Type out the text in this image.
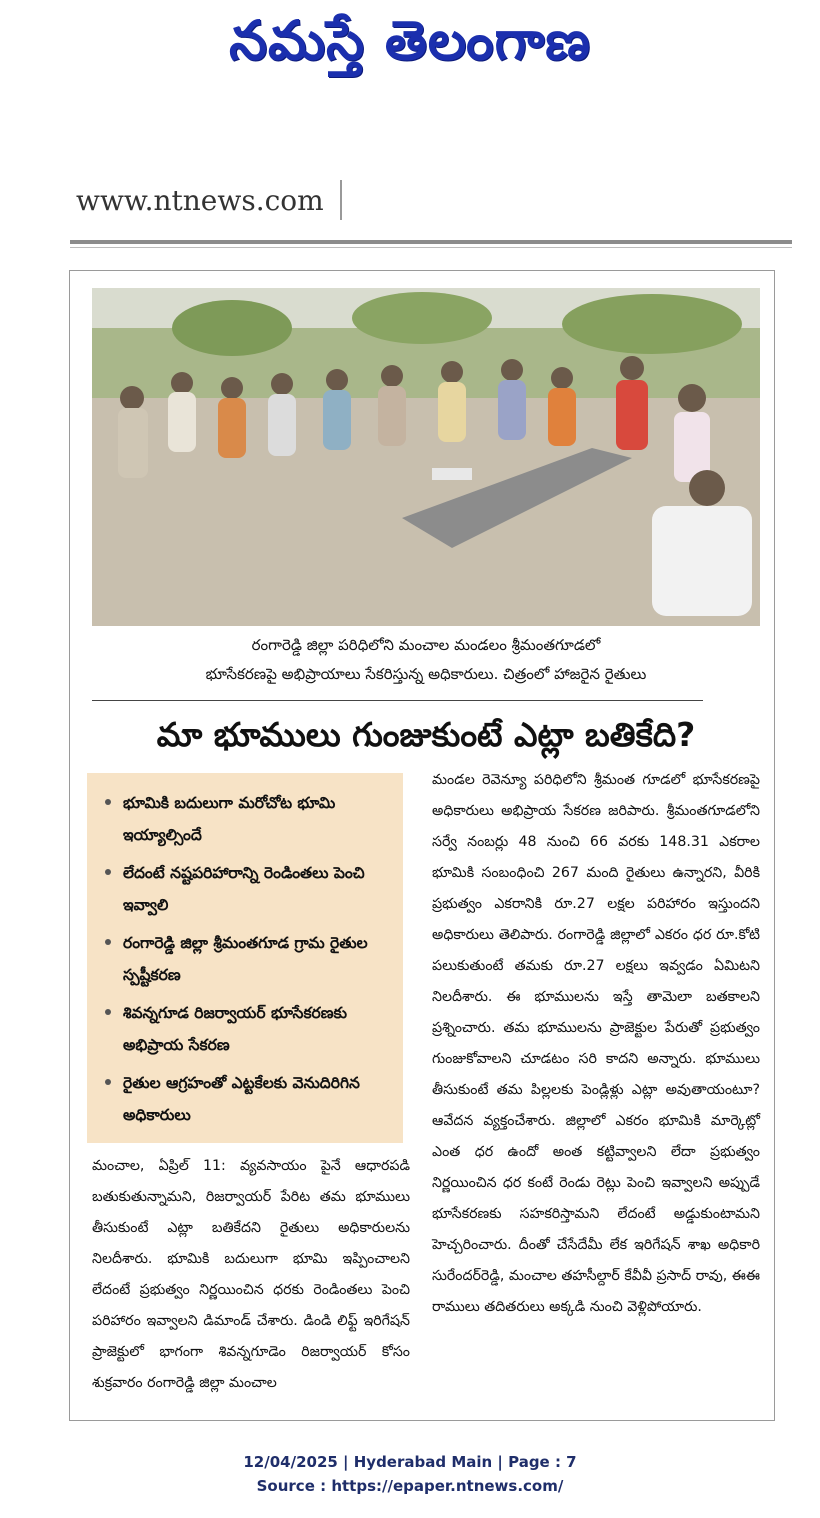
నమస్తే తెలంగాణ
www.ntnews.com
రంగారెడ్డి జిల్లా పరిధిలోని మంచాల మండలం శ్రీమంతగూడలో
భూసేకరణపై అభిప్రాయాలు సేకరిస్తున్న అధికారులు. చిత్రంలో హాజరైన రైతులు
మా భూములు గుంజుకుంటే ఎట్లా బతికేది?
భూమికి బదులుగా మరోచోట భూమి ఇయ్యాల్సిందే
లేదంటే నష్టపరిహారాన్ని రెండింతలు పెంచి ఇవ్వాలి
రంగారెడ్డి జిల్లా శ్రీమంతగూడ గ్రామ రైతుల స్పష్టీకరణ
శివన్నగూడ రిజర్వాయర్ భూసేకరణకు అభిప్రాయ సేకరణ
రైతుల ఆగ్రహంతో ఎట్టకేలకు వెనుదిరిగిన అధికారులు
మంచాల, ఏప్రిల్ 11: వ్యవసాయం పైనే ఆధారపడి బతుకుతున్నామని, రిజర్వాయర్ పేరిట తమ భూములు తీసుకుంటే ఎట్లా బతికేదని రైతులు అధికారులను నిలదీశారు. భూమికి బదులుగా భూమి ఇప్పించాలని లేదంటే ప్రభుత్వం నిర్ణయించిన ధరకు రెండింతలు పెంచి పరిహారం ఇవ్వాలని డిమాండ్ చేశారు. డిండి లిఫ్ట్ ఇరిగేషన్ ప్రాజెక్టులో భాగంగా శివన్నగూడెం రిజర్వాయర్ కోసం శుక్రవారం రంగారెడ్డి జిల్లా మంచాల
మండల రెవెన్యూ పరిధిలోని శ్రీమంత గూడలో భూసేకరణపై అధికారులు అభిప్రాయ సేకరణ జరిపారు. శ్రీమంతగూడలోని సర్వే నంబర్లు 48 నుంచి 66 వరకు 148.31 ఎకరాల భూమికి సంబంధించి 267 మంది రైతులు ఉన్నారని, వీరికి ప్రభుత్వం ఎకరానికి రూ.27 లక్షల పరిహారం ఇస్తుందని అధికారులు తెలిపారు. రంగారెడ్డి జిల్లాలో ఎకరం ధర రూ.కోటి పలుకుతుంటే తమకు రూ.27 లక్షలు ఇవ్వడం ఏమిటని నిలదీశారు. ఈ భూములను ఇస్తే తామెలా బతకాలని ప్రశ్నించారు. తమ భూములను ప్రాజెక్టుల పేరుతో ప్రభుత్వం గుంజుకోవాలని చూడటం సరి కాదని అన్నారు. భూములు తీసుకుంటే తమ పిల్లలకు పెండ్లిళ్లు ఎట్లా అవుతాయంటూ? ఆవేదన వ్యక్తంచేశారు. జిల్లాలో ఎకరం భూమికి మార్కెట్లో ఎంత ధర ఉందో అంత కట్టివ్వాలని లేదా ప్రభుత్వం నిర్ణయించిన ధర కంటే రెండు రెట్లు పెంచి ఇవ్వాలని అప్పుడే భూసేకరణకు సహకరిస్తామని లేదంటే అడ్డుకుంటామని హెచ్చరించారు. దీంతో చేసేదేమీ లేక ఇరిగేషన్ శాఖ అధికారి సురేందర్‌రెడ్డి, మంచాల తహసీల్దార్ కేవీవీ ప్రసాద్ రావు, ఈఈ రాములు తదితరులు అక్కడి నుంచి వెళ్లిపోయారు.
12/04/2025 | Hyderabad Main | Page : 7
Source : https://epaper.ntnews.com/
